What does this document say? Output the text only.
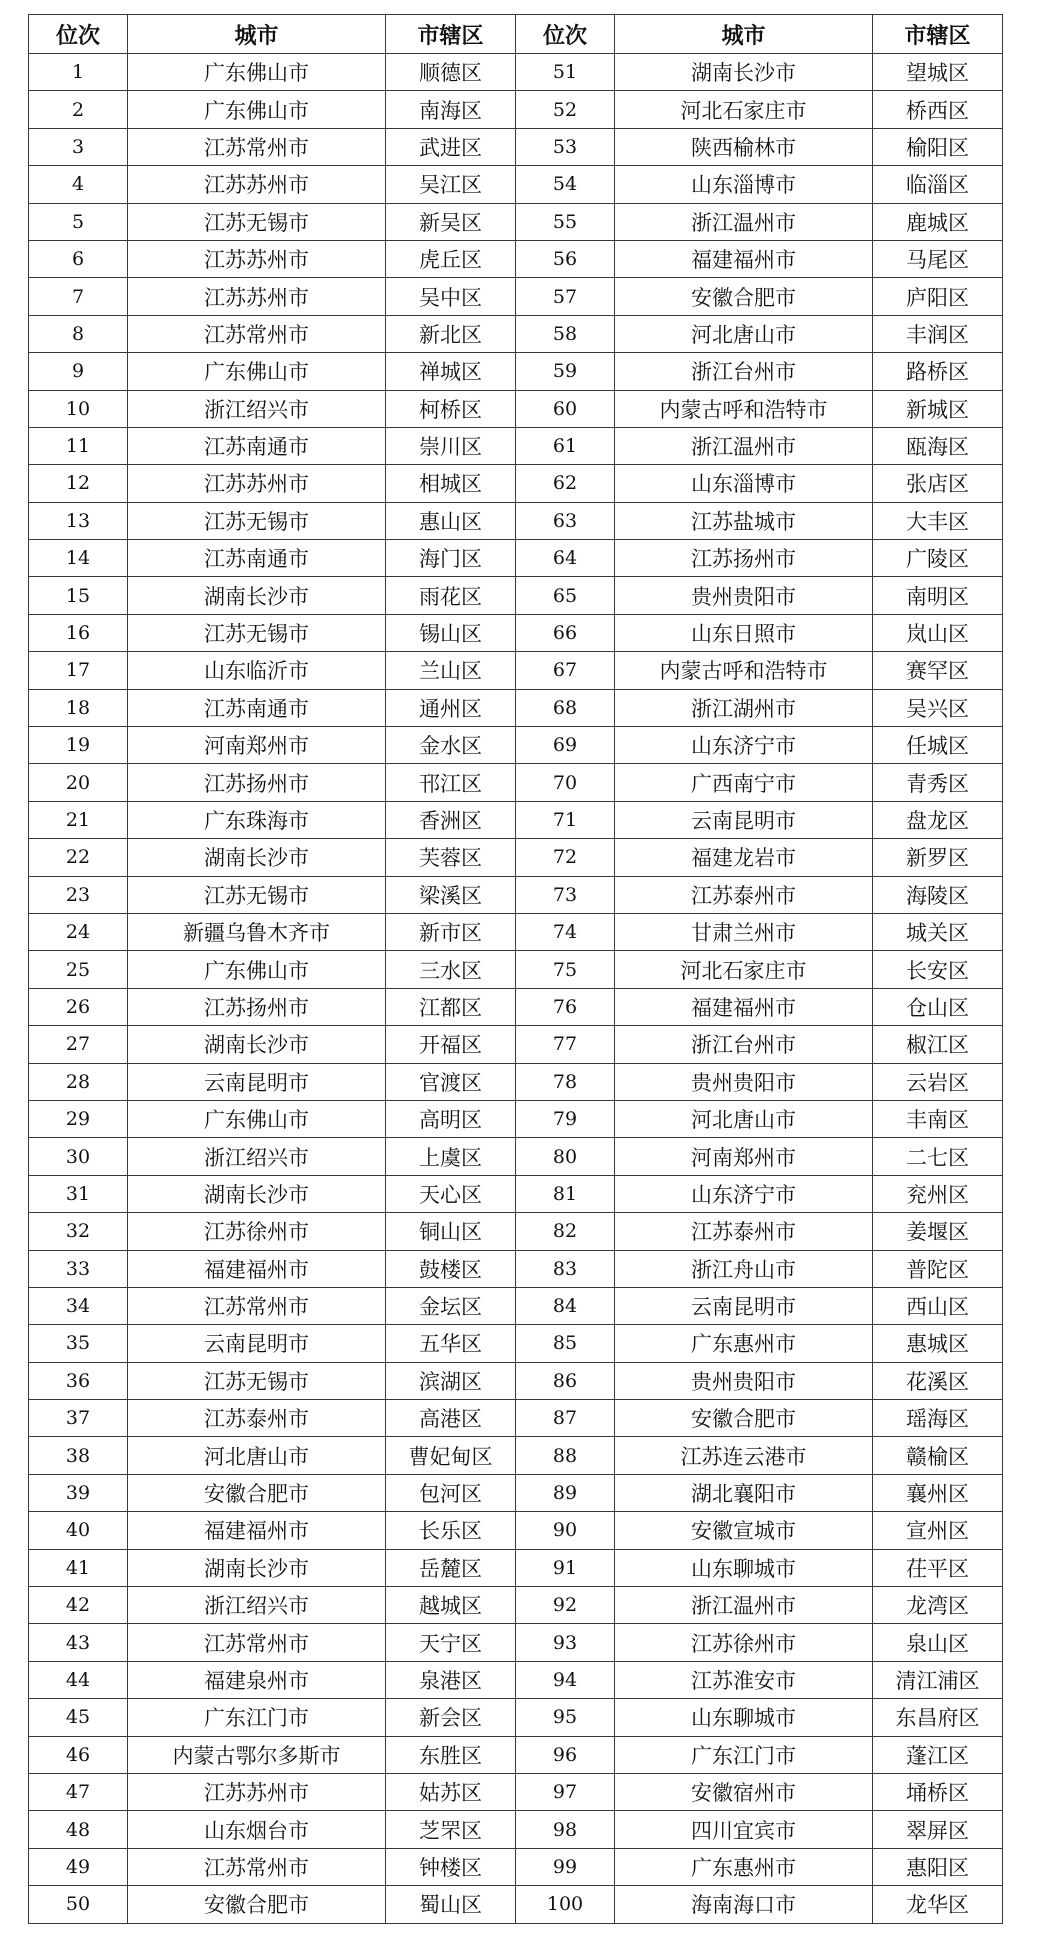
位次	城市	市辖区	位次	城市	市辖区
1	广东佛山市	顺德区	51	湖南长沙市	望城区
2	广东佛山市	南海区	52	河北石家庄市	桥西区
3	江苏常州市	武进区	53	陕西榆林市	榆阳区
4	江苏苏州市	吴江区	54	山东淄博市	临淄区
5	江苏无锡市	新吴区	55	浙江温州市	鹿城区
6	江苏苏州市	虎丘区	56	福建福州市	马尾区
7	江苏苏州市	吴中区	57	安徽合肥市	庐阳区
8	江苏常州市	新北区	58	河北唐山市	丰润区
9	广东佛山市	禅城区	59	浙江台州市	路桥区
10	浙江绍兴市	柯桥区	60	内蒙古呼和浩特市	新城区
11	江苏南通市	崇川区	61	浙江温州市	瓯海区
12	江苏苏州市	相城区	62	山东淄博市	张店区
13	江苏无锡市	惠山区	63	江苏盐城市	大丰区
14	江苏南通市	海门区	64	江苏扬州市	广陵区
15	湖南长沙市	雨花区	65	贵州贵阳市	南明区
16	江苏无锡市	锡山区	66	山东日照市	岚山区
17	山东临沂市	兰山区	67	内蒙古呼和浩特市	赛罕区
18	江苏南通市	通州区	68	浙江湖州市	吴兴区
19	河南郑州市	金水区	69	山东济宁市	任城区
20	江苏扬州市	邗江区	70	广西南宁市	青秀区
21	广东珠海市	香洲区	71	云南昆明市	盘龙区
22	湖南长沙市	芙蓉区	72	福建龙岩市	新罗区
23	江苏无锡市	梁溪区	73	江苏泰州市	海陵区
24	新疆乌鲁木齐市	新市区	74	甘肃兰州市	城关区
25	广东佛山市	三水区	75	河北石家庄市	长安区
26	江苏扬州市	江都区	76	福建福州市	仓山区
27	湖南长沙市	开福区	77	浙江台州市	椒江区
28	云南昆明市	官渡区	78	贵州贵阳市	云岩区
29	广东佛山市	高明区	79	河北唐山市	丰南区
30	浙江绍兴市	上虞区	80	河南郑州市	二七区
31	湖南长沙市	天心区	81	山东济宁市	兖州区
32	江苏徐州市	铜山区	82	江苏泰州市	姜堰区
33	福建福州市	鼓楼区	83	浙江舟山市	普陀区
34	江苏常州市	金坛区	84	云南昆明市	西山区
35	云南昆明市	五华区	85	广东惠州市	惠城区
36	江苏无锡市	滨湖区	86	贵州贵阳市	花溪区
37	江苏泰州市	高港区	87	安徽合肥市	瑶海区
38	河北唐山市	曹妃甸区	88	江苏连云港市	赣榆区
39	安徽合肥市	包河区	89	湖北襄阳市	襄州区
40	福建福州市	长乐区	90	安徽宣城市	宣州区
41	湖南长沙市	岳麓区	91	山东聊城市	茌平区
42	浙江绍兴市	越城区	92	浙江温州市	龙湾区
43	江苏常州市	天宁区	93	江苏徐州市	泉山区
44	福建泉州市	泉港区	94	江苏淮安市	清江浦区
45	广东江门市	新会区	95	山东聊城市	东昌府区
46	内蒙古鄂尔多斯市	东胜区	96	广东江门市	蓬江区
47	江苏苏州市	姑苏区	97	安徽宿州市	埇桥区
48	山东烟台市	芝罘区	98	四川宜宾市	翠屏区
49	江苏常州市	钟楼区	99	广东惠州市	惠阳区
50	安徽合肥市	蜀山区	100	海南海口市	龙华区
